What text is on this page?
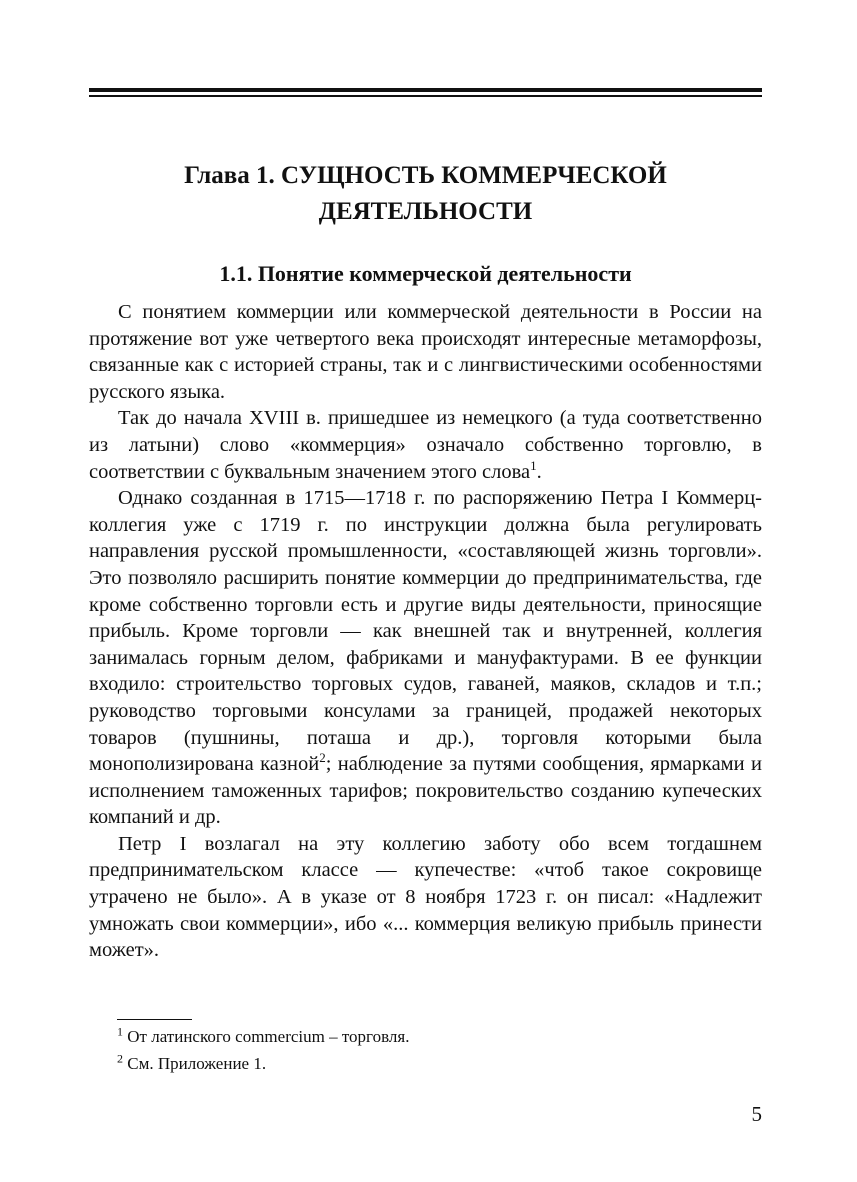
Глава 1. СУЩНОСТЬ КОММЕРЧЕСКОЙ
ДЕЯТЕЛЬНОСТИ
1.1. Понятие коммерческой деятельности

С понятием коммерции или коммерческой деятельности в России на протяжение вот уже четвертого века происходят интересные метаморфозы, связанные как с историей страны, так и с лингвистическими особенностями русского языка.

Так до начала XVIII в. пришедшее из немецкого (а туда соответственно из латыни) слово «коммерция» означало собственно торговлю, в соответствии с буквальным значением этого слова$^1$.

Однако созданная в 1715—1718 г. по распоряжению Петра I Коммерц-коллегия уже с 1719 г. по инструкции должна была регулировать направления русской промышленности, «составляющей жизнь торговли». Это позволяло расширить понятие коммерции до предпринимательства, где кроме собственно торговли есть и другие виды деятельности, приносящие прибыль. Кроме торговли — как внешней так и внутренней, коллегия занималась горным делом, фабриками и мануфактурами. В ее функции входило: строительство торговых судов, гаваней, маяков, складов и т.п.; руководство торговыми консулами за границей, продажей некоторых товаров (пушнины, поташа и др.), торговля которыми была монополизирована казной$^2$; наблюдение за путями сообщения, ярмарками и исполнением таможенных тарифов; покровительство созданию купеческих компаний и др.

Петр I возлагал на эту коллегию заботу обо всем тогдашнем предпринимательском классе — купечестве: «чтоб такое сокровище утрачено не было». А в указе от 8 ноября 1723 г. он писал: «Надлежит умножать свои коммерции», ибо «... коммерция великую прибыль принести может».

$^1$ От латинского commercium – торговля.
$^2$ См. Приложение 1.
5
